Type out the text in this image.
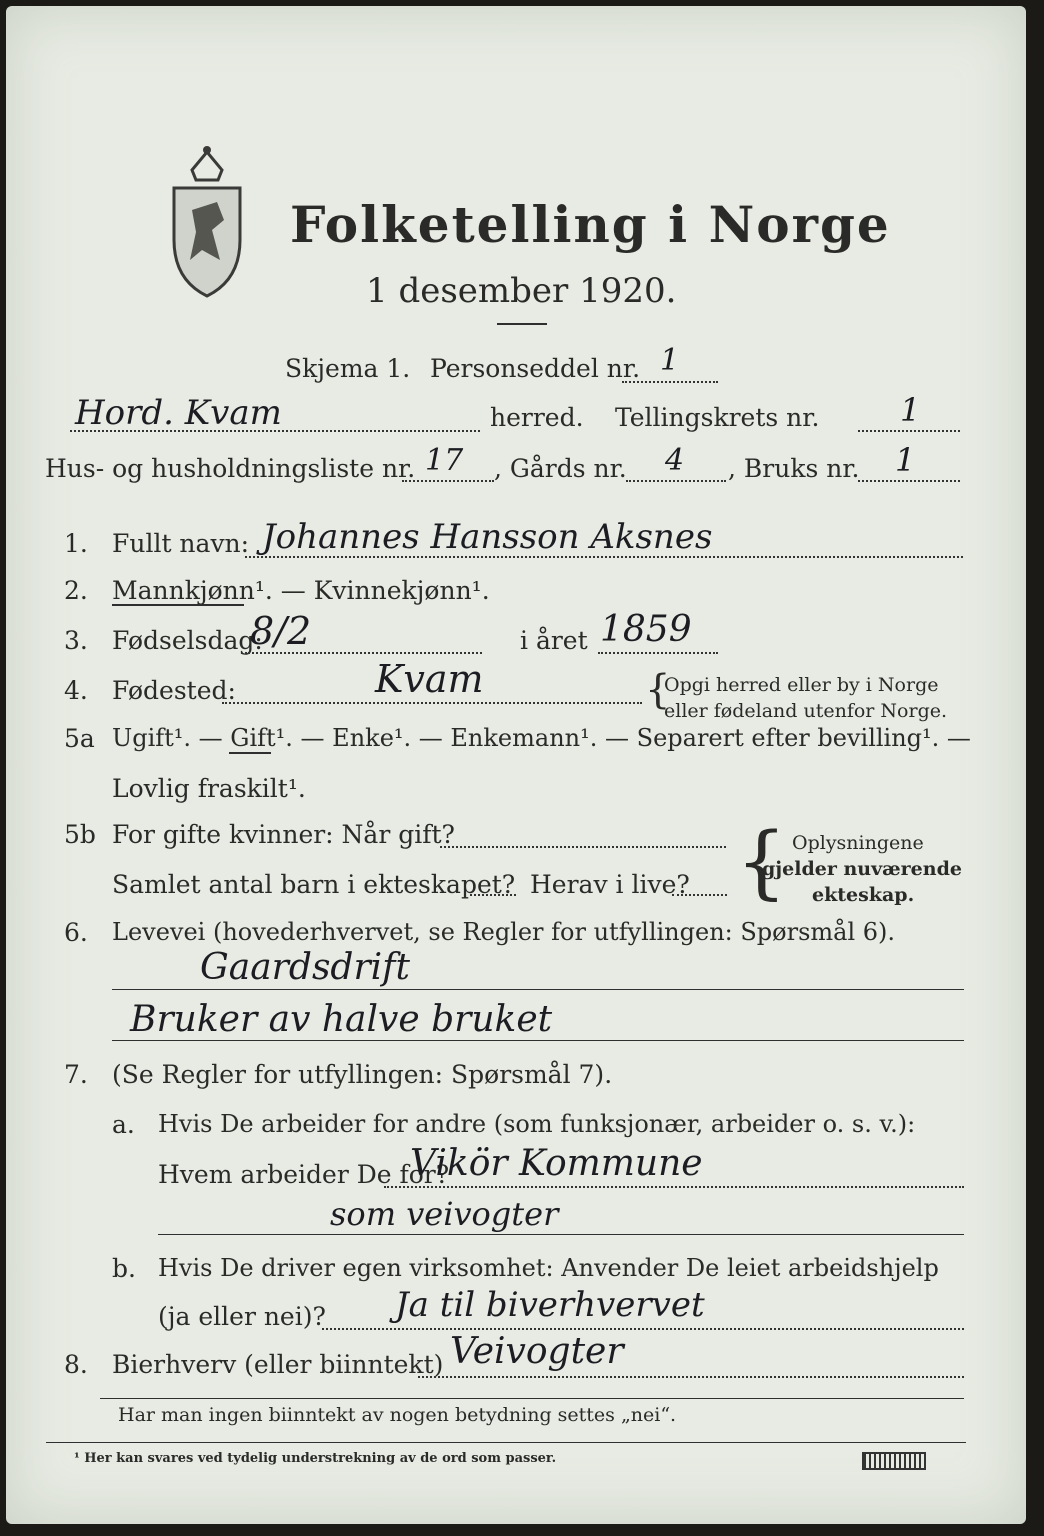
Folketelling i Norge
1 desember 1920.
Skjema 1. Personseddel nr. 1
Hord. Kvam	herred. Tellingskrets nr.	1
Hus- og husholdningsliste nr. 17 , Gårds nr. 4 , Bruks nr. 1
1. Fullt navn: Johannes Hansson Aksnes
2. Mannkjønn¹. — Kvinnekjønn¹.
3. Fødselsdag:
8/2	i året 1859
4. Fødested:	Kvam	{
Opgi herred eller by i Norge
eller fødeland utenfor Norge.
5a Ugift¹. — Gift¹. — Enke¹. — Enkemann¹. — Separert efter bevilling¹. —
Lovlig fraskilt¹.
5b For gifte kvinner: Når gift?
Samlet antal barn i ekteskapet? Herav i live? { Oplysningene
gjelder nuværende
ekteskap.
6. Levevei (hovederhvervet, se Regler for utfyllingen: Spørsmål 6).
Gaardsdrift
Bruker av halve bruket
7. (Se Regler for utfyllingen: Spørsmål 7).
a. Hvis De arbeider for andre (som funksjonær, arbeider o. s. v.):
Hvem arbeider De for?
Vikör Kommune
som veivogter
b. Hvis De driver egen virksomhet: Anvender De leiet arbeidshjelp
(ja eller nei)? Ja til biverhvervet
8. Bierhverv (eller biinntekt) Veivogter
Har man ingen biinntekt av nogen betydning settes „nei“.
¹ Her kan svares ved tydelig understrekning av de ord som passer.
